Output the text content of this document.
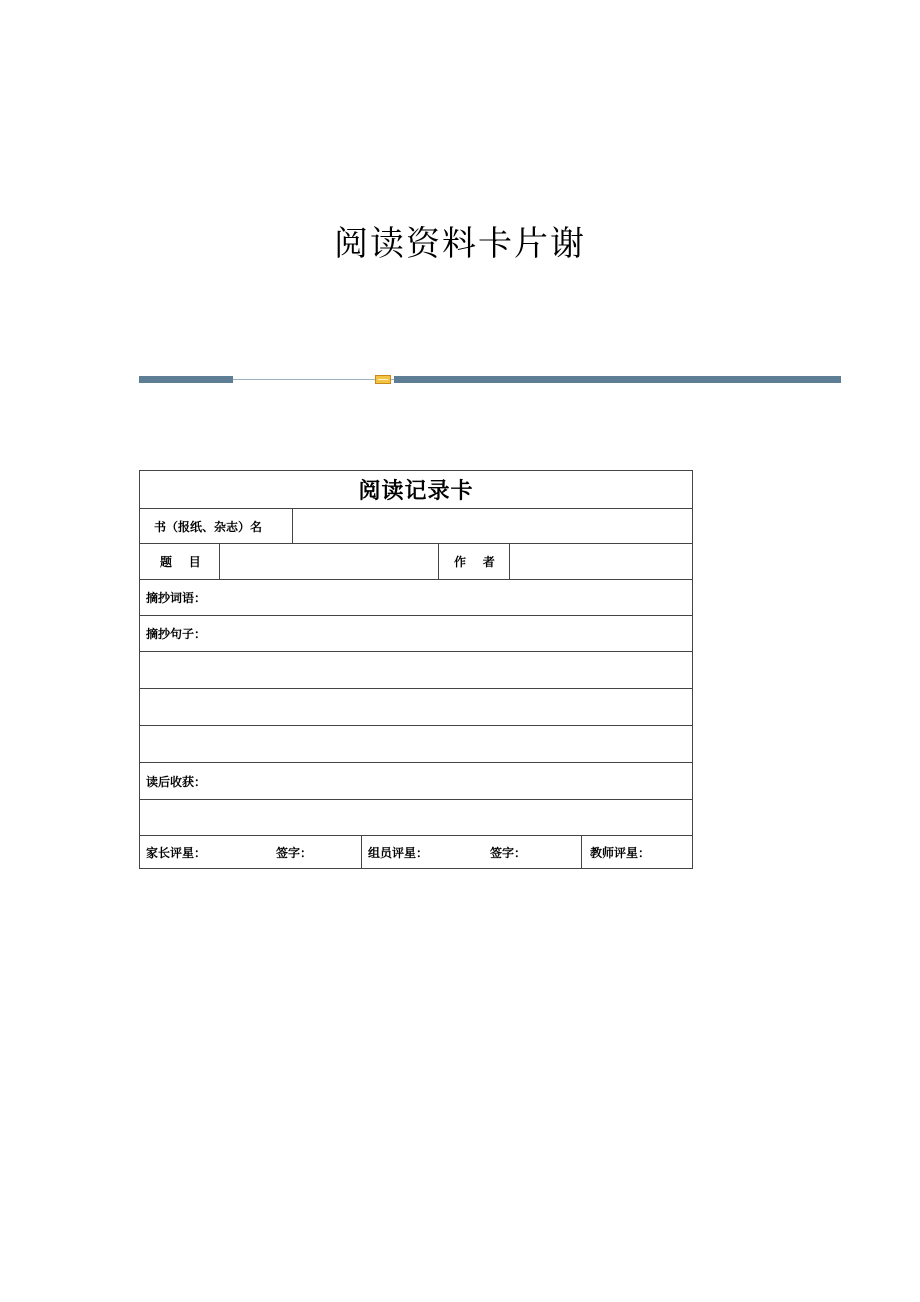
阅读资料卡片谢
阅读记录卡
书（报纸、杂志）名
题    目	作    者
摘抄词语：
摘抄句子：
读后收获：
家长评星：	签字：	组员评星：	签字：	教师评星：
